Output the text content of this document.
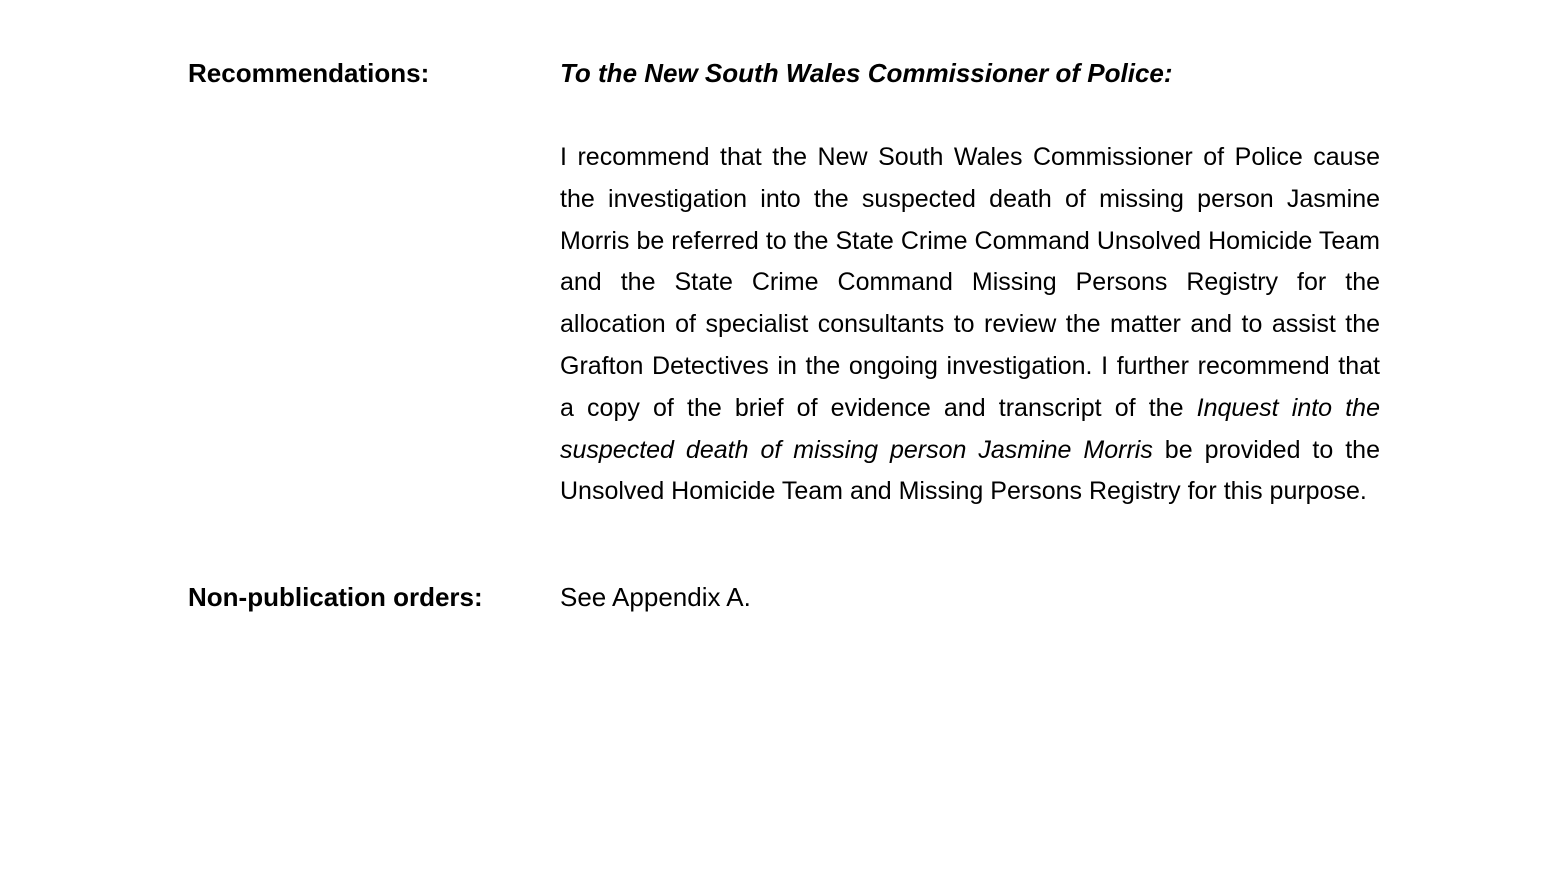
Recommendations:	To the New South Wales Commissioner of Police:
I recommend that the New South Wales Commissioner of Police cause the investigation into the suspected death of missing person Jasmine Morris be referred to the State Crime Command Unsolved Homicide Team and the State Crime Command Missing Persons Registry for the allocation of specialist consultants to review the matter and to assist the Grafton Detectives in the ongoing investigation. I further recommend that a copy of the brief of evidence and transcript of the Inquest into the suspected death of missing person Jasmine Morris be provided to the Unsolved Homicide Team and Missing Persons Registry for this purpose.
Non-publication orders:	See Appendix A.
